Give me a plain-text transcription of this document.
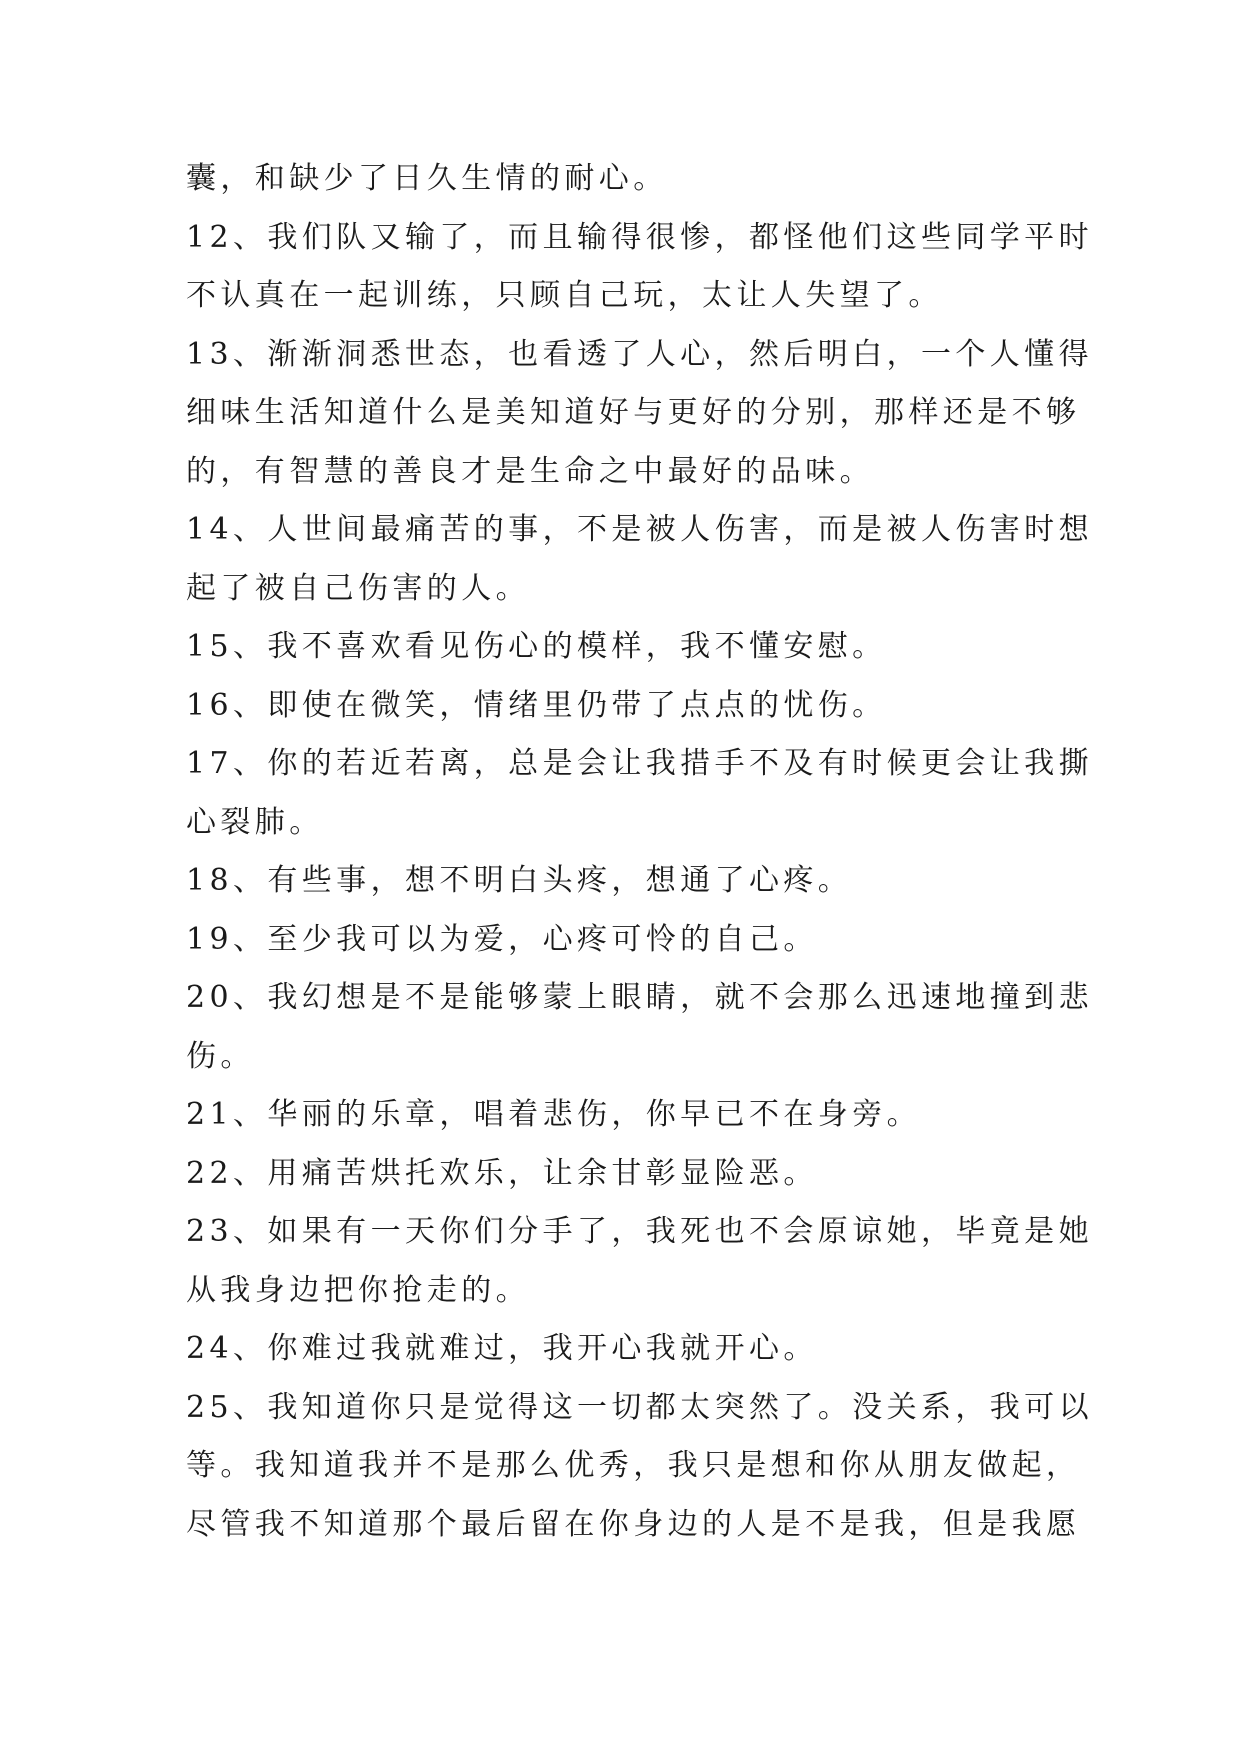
囊，和缺少了日久生情的耐心。
12、我们队又输了，而且输得很惨，都怪他们这些同学平时
不认真在一起训练，只顾自己玩，太让人失望了。
13、渐渐洞悉世态，也看透了人心，然后明白，一个人懂得
细味生活知道什么是美知道好与更好的分别，那样还是不够
的，有智慧的善良才是生命之中最好的品味。
14、人世间最痛苦的事，不是被人伤害，而是被人伤害时想
起了被自己伤害的人。
15、我不喜欢看见伤心的模样，我不懂安慰。
16、即使在微笑，情绪里仍带了点点的忧伤。
17、你的若近若离，总是会让我措手不及有时候更会让我撕
心裂肺。
18、有些事，想不明白头疼，想通了心疼。
19、至少我可以为爱，心疼可怜的自己。
20、我幻想是不是能够蒙上眼睛，就不会那么迅速地撞到悲
伤。
21、华丽的乐章，唱着悲伤，你早已不在身旁。
22、用痛苦烘托欢乐，让余甘彰显险恶。
23、如果有一天你们分手了，我死也不会原谅她，毕竟是她
从我身边把你抢走的。
24、你难过我就难过，我开心我就开心。
25、我知道你只是觉得这一切都太突然了。没关系，我可以
等。我知道我并不是那么优秀，我只是想和你从朋友做起，
尽管我不知道那个最后留在你身边的人是不是我，但是我愿
